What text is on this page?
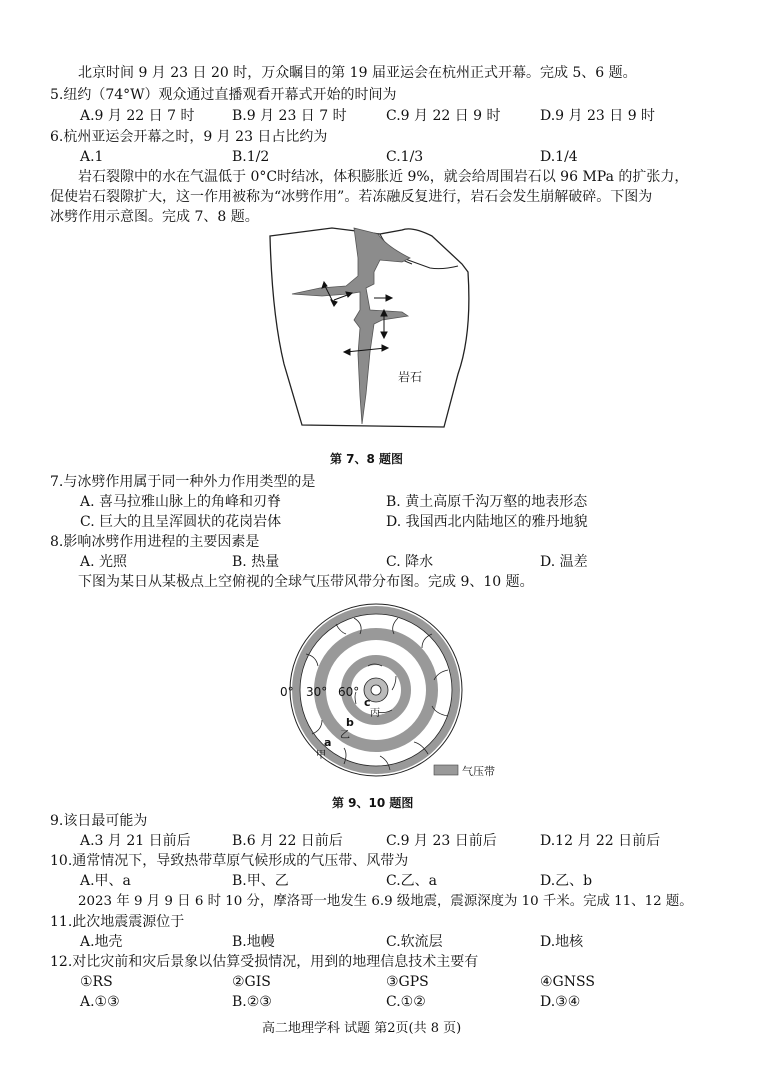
北京时间 9 月 23 日 20 时，万众瞩目的第 19 届亚运会在杭州正式开幕。完成 5、6 题。
5.纽约（74°W）观众通过直播观看开幕式开始的时间为
A.9 月 22 日 7 时	B.9 月 23 日 7 时	C.9 月 22 日 9 时	D.9 月 23 日 9 时
6.杭州亚运会开幕之时，9 月 23 日占比约为
A.1	B.1/2	C.1/3	D.1/4
岩石裂隙中的水在气温低于 0°C时结冰，体积膨胀近 9%，就会给周围岩石以 96 MPa 的扩张力，
促使岩石裂隙扩大，这一作用被称为“冰劈作用”。若冻融反复进行，岩石会发生崩解破碎。下图为
冰劈作用示意图。完成 7、8 题。
岩石
第 7、8 题图
7.与冰劈作用属于同一种外力作用类型的是
A. 喜马拉雅山脉上的角峰和刃脊	B. 黄土高原千沟万壑的地表形态
C. 巨大的且呈浑圆状的花岗岩体	D. 我国西北内陆地区的雅丹地貌
8.影响冰劈作用进程的主要因素是
A. 光照	B. 热量	C. 降水	D. 温差
下图为某日从某极点上空俯视的全球气压带风带分布图。完成 9、10 题。
0° 30° 60°
c
丙
b
乙
a
甲
气压带
第 9、10 题图
9.该日最可能为
A.3 月 21 日前后	B.6 月 22 日前后	C.9 月 23 日前后	D.12 月 22 日前后
10.通常情况下，导致热带草原气候形成的气压带、风带为
A.甲、a	B.甲、乙	C.乙、a	D.乙、b
2023 年 9 月 9 日 6 时 10 分，摩洛哥一地发生 6.9 级地震，震源深度为 10 千米。完成 11、12 题。
11.此次地震震源位于
A.地壳	B.地幔	C.软流层	D.地核
12.对比灾前和灾后景象以估算受损情况，用到的地理信息技术主要有
①RS	②GIS	③GPS	④GNSS
A.①③	B.②③	C.①②	D.③④
高二地理学科 试题 第2页(共 8 页)
